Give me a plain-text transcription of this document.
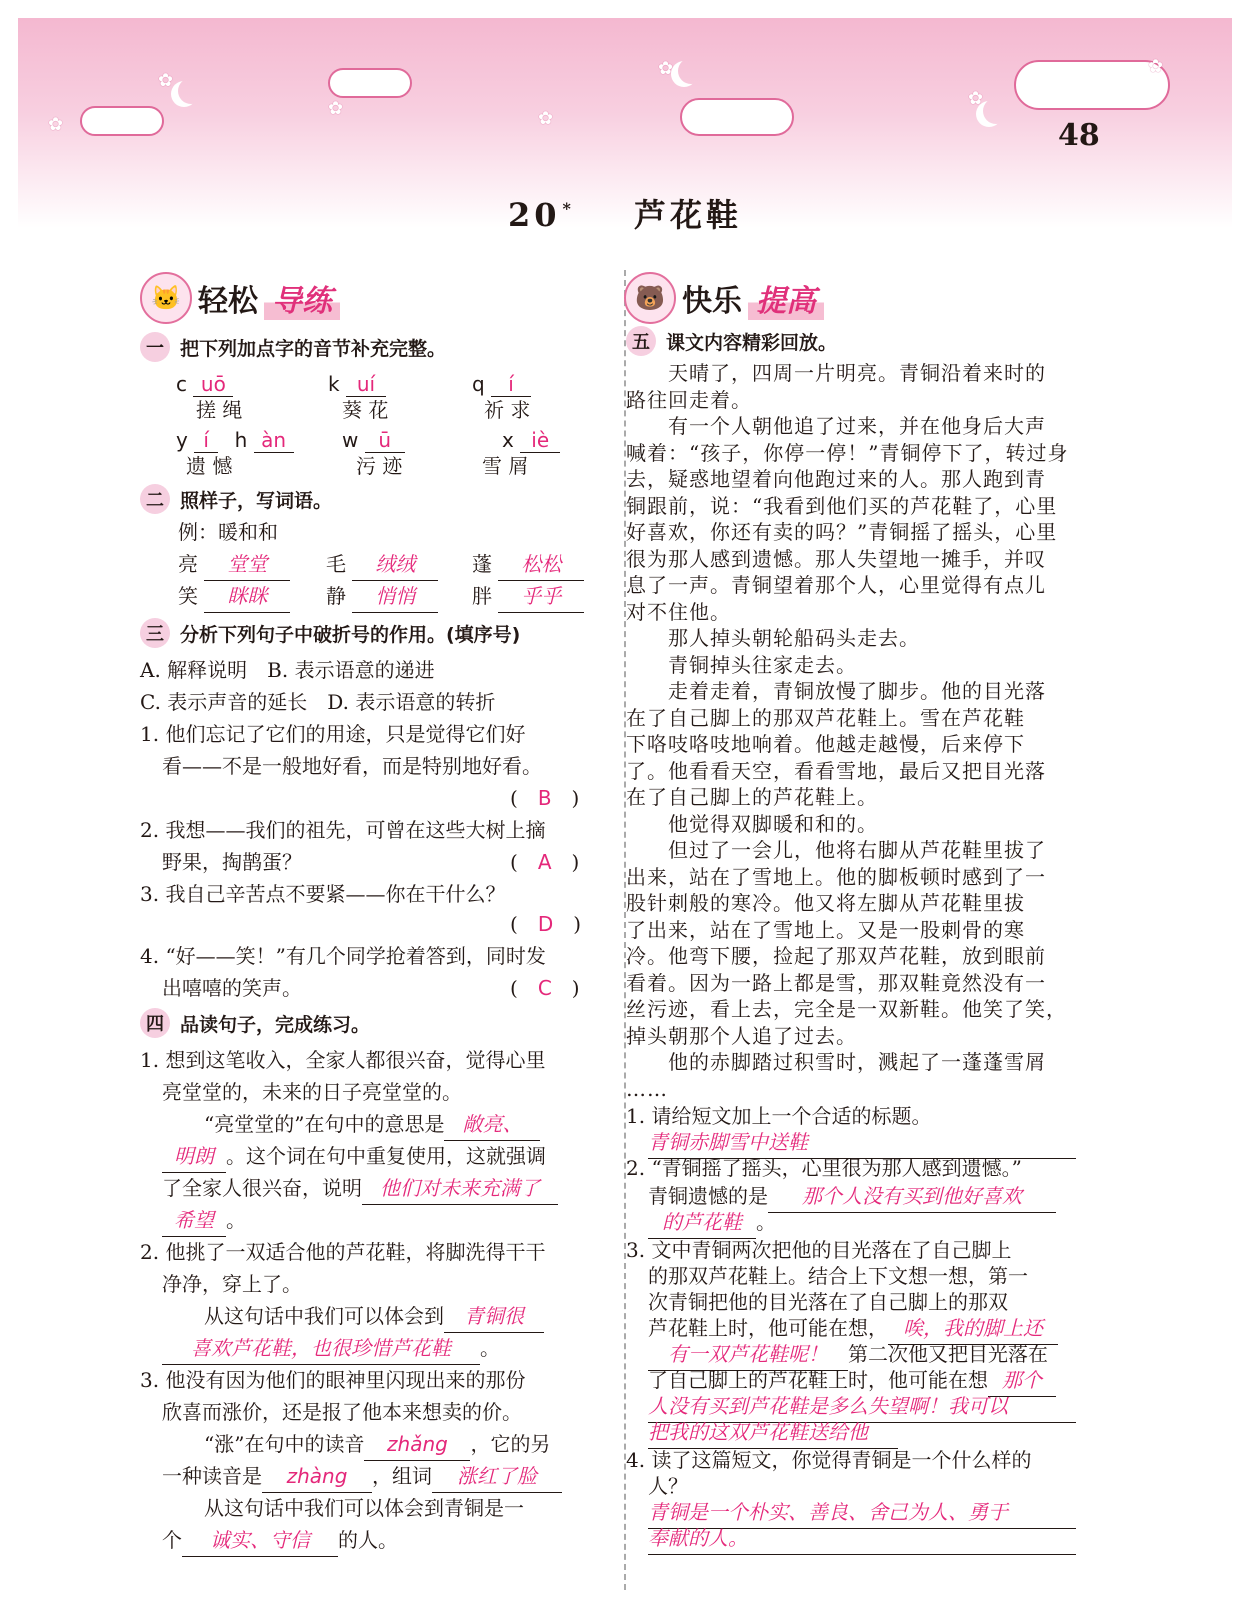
✿
✿
✿	✿
✿
✿
✿
48
20 * 芦花鞋
🐱 轻松 导练
一 把下列加点字的音节补充完整。
c uō
搓 绳
k uí
葵 花
q í
祈 求
y í h àn
遗 憾
w ū
污 迹
x iè
雪 屑
二 照样子，写词语。
例：暖和和
亮 堂堂	毛 绒绒	蓬 松松
笑 眯眯	静 悄悄	胖 乎乎
三 分析下列句子中破折号的作用。(填序号)
A. 解释说明　B. 表示语意的递进
C. 表示声音的延长　D. 表示语意的转折
1. 他们忘记了它们的用途，只是觉得它们好
看——不是一般地好看，而是特别地好看。
(　B　)
2. 我想——我们的祖先，可曾在这些大树上摘
野果，掏鹊蛋？	(　A　)
3. 我自己辛苦点不要紧——你在干什么？
(　D　)
4. “好——笑！”有几个同学抢着答到，同时发
出嘻嘻的笑声。	(　C　)
四 品读句子，完成练习。
1. 想到这笔收入，全家人都很兴奋，觉得心里
亮堂堂的，未来的日子亮堂堂的。
“亮堂堂的”在句中的意思是 敞亮、
明朗 。这个词在句中重复使用，这就强调
了全家人很兴奋，说明 他们对未来充满了
希望 。
2. 他挑了一双适合他的芦花鞋，将脚洗得干干
净净，穿上了。
从这句话中我们可以体会到 青铜很
喜欢芦花鞋，也很珍惜芦花鞋 。
3. 他没有因为他们的眼神里闪现出来的那份
欣喜而涨价，还是报了他本来想卖的价。
“涨”在句中的读音 zhǎng ，它的另
一种读音是 zhàng ，组词 涨红了脸
从这句话中我们可以体会到青铜是一
个 诚实、守信 的人。
🐻 快乐 提高
五 课文内容精彩回放。
　　天晴了，四周一片明亮。青铜沿着来时的
路往回走着。
　　有一个人朝他追了过来，并在他身后大声
喊着：“孩子，你停一停！”青铜停下了，转过身
去，疑惑地望着向他跑过来的人。那人跑到青
铜跟前，说：“我看到他们买的芦花鞋了，心里
好喜欢，你还有卖的吗？”青铜摇了摇头，心里
很为那人感到遗憾。那人失望地一摊手，并叹
息了一声。青铜望着那个人，心里觉得有点儿
对不住他。
　　那人掉头朝轮船码头走去。
　　青铜掉头往家走去。
　　走着走着，青铜放慢了脚步。他的目光落
在了自己脚上的那双芦花鞋上。雪在芦花鞋
下咯吱咯吱地响着。他越走越慢，后来停下
了。他看看天空，看看雪地，最后又把目光落
在了自己脚上的芦花鞋上。
　　他觉得双脚暖和和的。
　　但过了一会儿，他将右脚从芦花鞋里拔了
出来，站在了雪地上。他的脚板顿时感到了一
股针刺般的寒冷。他又将左脚从芦花鞋里拔
了出来，站在了雪地上。又是一股刺骨的寒
冷。他弯下腰，捡起了那双芦花鞋，放到眼前
看着。因为一路上都是雪，那双鞋竟然没有一
丝污迹，看上去，完全是一双新鞋。他笑了笑，
掉头朝那个人追了过去。
　　他的赤脚踏过积雪时，溅起了一蓬蓬雪屑
……
1. 请给短文加上一个合适的标题。
青铜赤脚雪中送鞋
2. “青铜摇了摇头，心里很为那人感到遗憾。”
青铜遗憾的是 那个人没有买到他好喜欢
的芦花鞋 。
3. 文中青铜两次把他的目光落在了自己脚上
的那双芦花鞋上。结合上下文想一想，第一
次青铜把他的目光落在了自己脚上的那双
芦花鞋上时，他可能在想， 唉，我的脚上还
有一双芦花鞋呢！ 第二次他又把目光落在
了自己脚上的芦花鞋上时，他可能在想 那个
人没有买到芦花鞋是多么失望啊！我可以
把我的这双芦花鞋送给他
4. 读了这篇短文，你觉得青铜是一个什么样的
人？
青铜是一个朴实、善良、舍己为人、勇于
奉献的人。
